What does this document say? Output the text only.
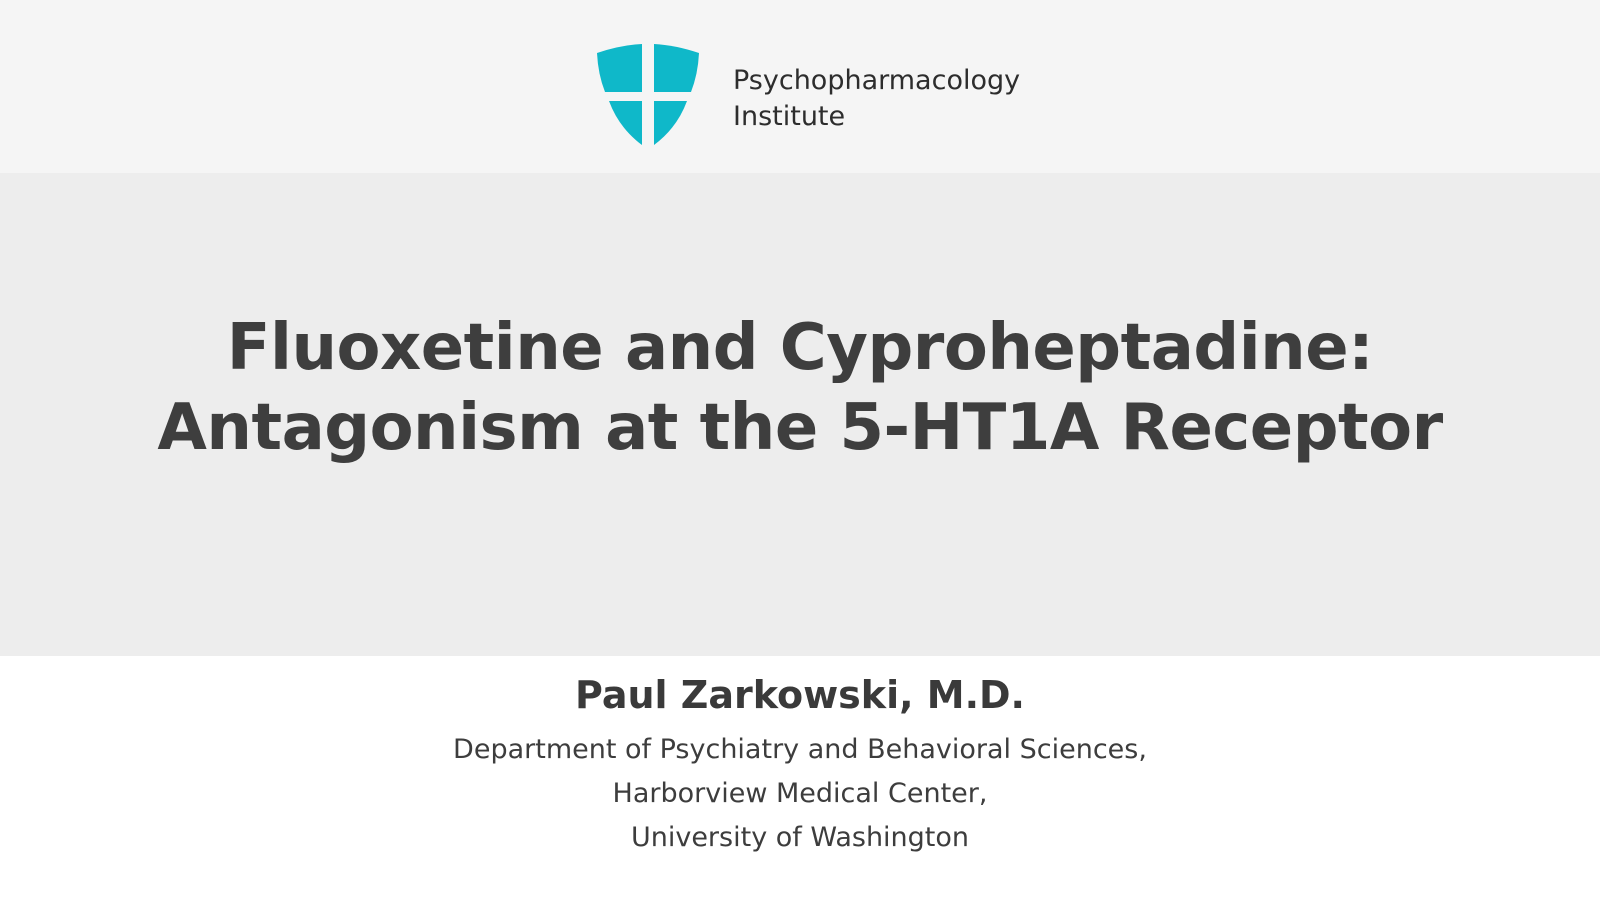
Psychopharmacology
Institute
Fluoxetine and Cyproheptadine:
Antagonism at the 5-HT1A Receptor
Paul Zarkowski, M.D.
Department of Psychiatry and Behavioral Sciences,
Harborview Medical Center,
University of Washington
